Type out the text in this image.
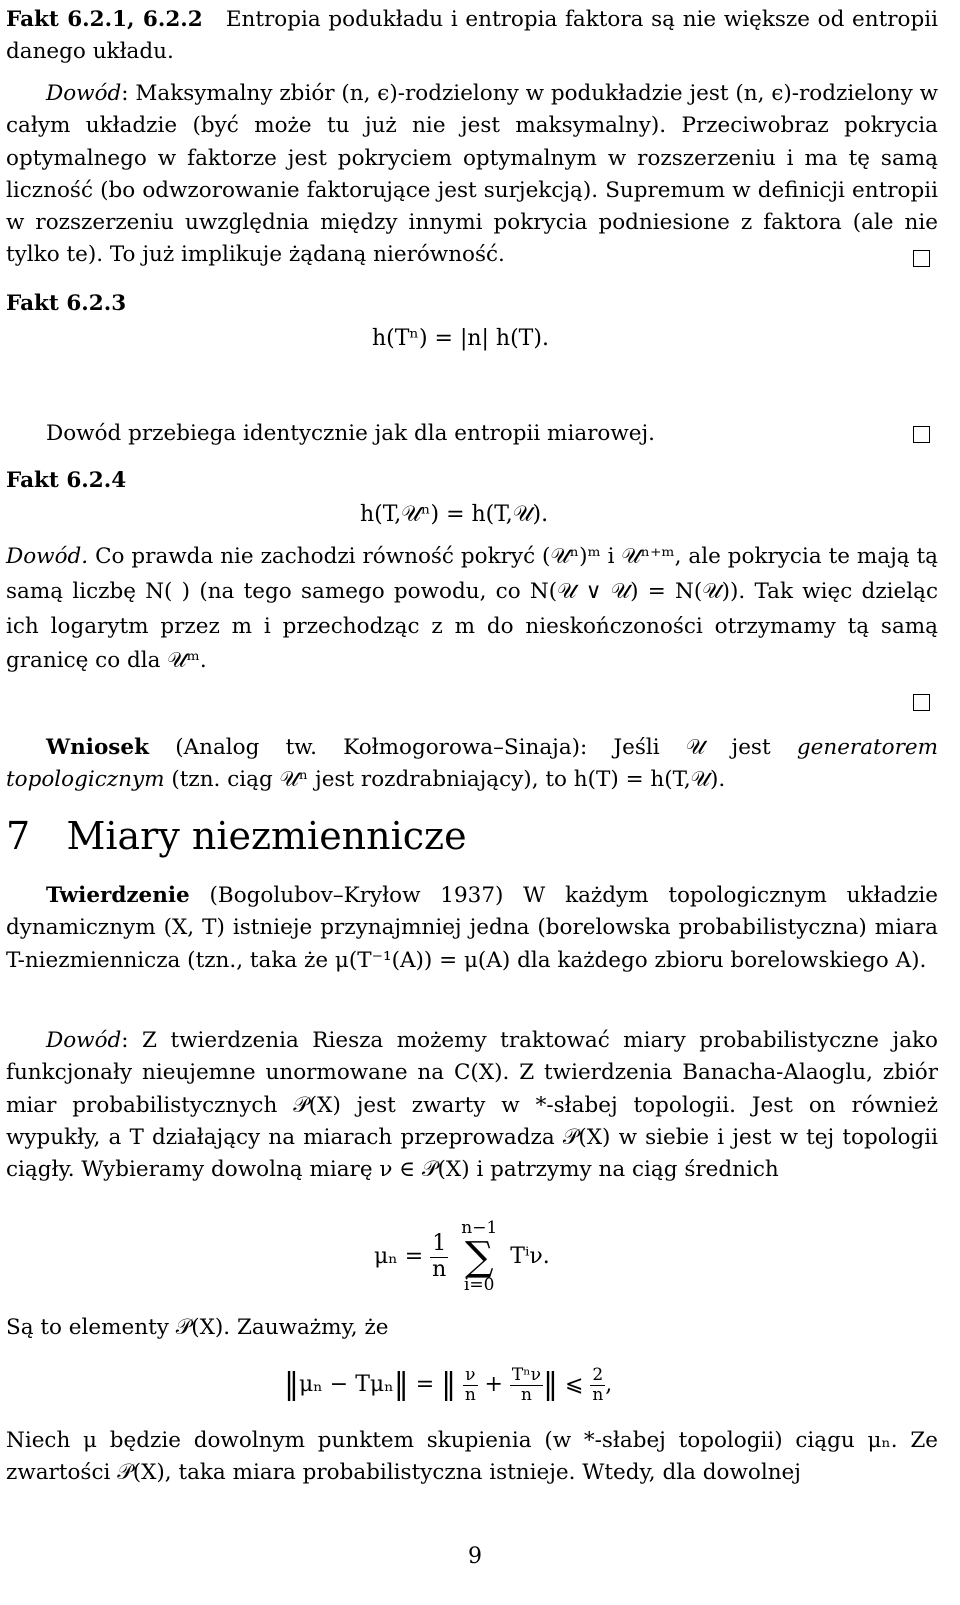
Fakt 6.2.1, 6.2.2 Entropia podukładu i entropia faktora są nie większe od entropii danego układu.

Dowód: Maksymalny zbiór (n, ϵ)-rodzielony w podukładzie jest (n, ϵ)-rodzielony w całym układzie (być może tu już nie jest maksymalny). Przeciwobraz pokrycia optymalnego w faktorze jest pokryciem optymalnym w rozszerzeniu i ma tę samą liczność (bo odwzorowanie faktorujące jest surjekcją). Supremum w definicji entropii w rozszerzeniu uwzględnia między innymi pokrycia podniesione z faktora (ale nie tylko te). To już implikuje żądaną nierówność.

Fakt 6.2.3

h(Tⁿ) = |n| h(T).

Dowód przebiega identycznie jak dla entropii miarowej.

Fakt 6.2.4

h(T,𝒰ⁿ) = h(T,𝒰).

Dowód. Co prawda nie zachodzi równość pokryć (𝒰ⁿ)ᵐ i 𝒰ⁿ⁺ᵐ, ale pokrycia te mają tą samą liczbę N( ) (na tego samego powodu, co N(𝒰 ∨ 𝒰) = N(𝒰)). Tak więc dzieląc ich logarytm przez m i przechodząc z m do nieskończoności otrzymamy tą samą granicę co dla 𝒰ᵐ.

Wniosek (Analog tw. Kołmogorowa–Sinaja): Jeśli 𝒰 jest generatorem topologicznym (tzn. ciąg 𝒰ⁿ jest rozdrabniający), to h(T) = h(T,𝒰).

7 Miary niezmiennicze

Twierdzenie (Bogolubov–Kryłow 1937) W każdym topologicznym układzie dynamicznym (X, T) istnieje przynajmniej jedna (borelowska probabilistyczna) miara T-niezmiennicza (tzn., taka że μ(T⁻¹(A)) = μ(A) dla każdego zbioru borelowskiego A).

Dowód: Z twierdzenia Riesza możemy traktować miary probabilistyczne jako funkcjonały nieujemne unormowane na C(X). Z twierdzenia Banacha-Alaoglu, zbiór miar probabilistycznych 𝒫(X) jest zwarty w *-słabej topologii. Jest on również wypukły, a T działający na miarach przeprowadza 𝒫(X) w siebie i jest w tej topologii ciągły. Wybieramy dowolną miarę ν ∈ 𝒫(X) i patrzymy na ciąg średnich

$\mu_n = \frac{1}{n}$

n−1
∑
i=0
Tⁱν.

Są to elementy 𝒫(X). Zauważmy, że

‖μₙ − Tμₙ‖ = ‖ $\frac{\nu}{n} + \frac{\text{Tⁿν}}{n}$ ‖ ⩽ $\frac{2}{n}$ ,

Niech μ będzie dowolnym punktem skupienia (w *-słabej topologii) ciągu μₙ. Ze zwartości 𝒫(X), taka miara probabilistyczna istnieje. Wtedy, dla dowolnej

9
